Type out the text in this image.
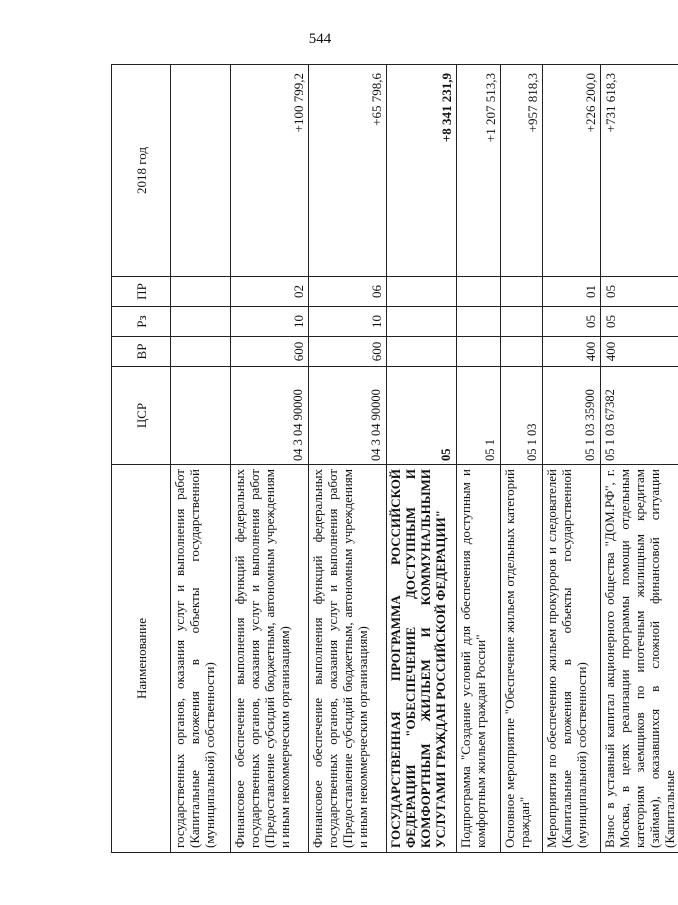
544
Наименование	ЦСР	ВР	Рз	ПР	2018 год
государственных органов, оказания услуг и выполнения работ (Капитальные вложения в объекты государственной (муниципальной) собственности)					
Финансовое обеспечение выполнения функций федеральных государственных органов, оказания услуг и выполнения работ (Предоставление субсидий бюджетным, автономным учреждениям и иным некоммерческим организациям)	04 3 04 90000	600	10	02	+100 799,2
Финансовое обеспечение выполнения функций федеральных государственных органов, оказания услуг и выполнения работ (Предоставление субсидий бюджетным, автономным учреждениям и иным некоммерческим организациям)	04 3 04 90000	600	10	06	+65 798,6
ГОСУДАРСТВЕННАЯ ПРОГРАММА РОССИЙСКОЙ ФЕДЕРАЦИИ "ОБЕСПЕЧЕНИЕ ДОСТУПНЫМ И КОМФОРТНЫМ ЖИЛЬЕМ И КОММУНАЛЬНЫМИ УСЛУГАМИ ГРАЖДАН РОССИЙСКОЙ ФЕДЕРАЦИИ"	05				+8 341 231,9
Подпрограмма "Создание условий для обеспечения доступным и комфортным жильем граждан России"	05 1				+1 207 513,3
Основное мероприятие "Обеспечение жильем отдельных категорий граждан"	05 1 03				+957 818,3
Мероприятия по обеспечению жильем прокуроров и следователей (Капитальные вложения в объекты государственной (муниципальной) собственности)	05 1 03 35900	400	05	01	+226 200,0
Взнос в уставный капитал акционерного общества "ДОМ.РФ", г. Москва, в целях реализации программы помощи отдельным категориям заемщиков по ипотечным жилищным кредитам (займам), оказавшихся в сложной финансовой ситуации (Капитальные	05 1 03 67382	400	05	05	+731 618,3
